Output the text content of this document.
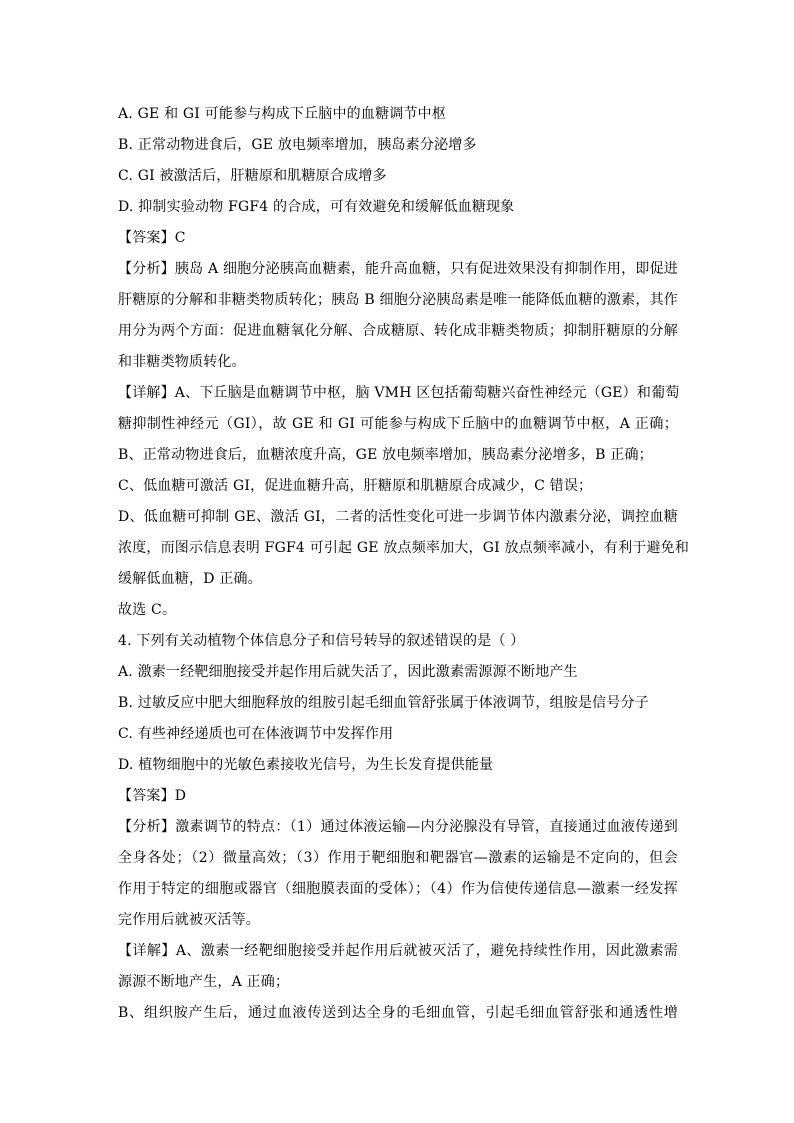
A. GE 和 GI 可能参与构成下丘脑中的血糖调节中枢
B. 正常动物进食后，GE 放电频率增加，胰岛素分泌增多
C. GI 被激活后，肝糖原和肌糖原合成增多
D. 抑制实验动物 FGF4 的合成，可有效避免和缓解低血糖现象
【答案】C
【分析】胰岛 A 细胞分泌胰高血糖素，能升高血糖，只有促进效果没有抑制作用，即促进
肝糖原的分解和非糖类物质转化；胰岛 B 细胞分泌胰岛素是唯一能降低血糖的激素，其作
用分为两个方面：促进血糖氧化分解、合成糖原、转化成非糖类物质；抑制肝糖原的分解
和非糖类物质转化。
【详解】A、下丘脑是血糖调节中枢，脑 VMH 区包括葡萄糖兴奋性神经元（GE）和葡萄
糖抑制性神经元（GI），故 GE 和 GI 可能参与构成下丘脑中的血糖调节中枢，A 正确；
B、正常动物进食后，血糖浓度升高，GE 放电频率增加，胰岛素分泌增多，B 正确；
C、低血糖可激活 GI，促进血糖升高，肝糖原和肌糖原合成减少，C 错误；
D、低血糖可抑制 GE、激活 GI，二者的活性变化可进一步调节体内激素分泌，调控血糖
浓度，而图示信息表明 FGF4 可引起 GE 放点频率加大，GI 放点频率减小，有利于避免和
缓解低血糖，D 正确。
故选 C。
4. 下列有关动植物个体信息分子和信号转导的叙述错误的是（ ）
A. 激素一经靶细胞接受并起作用后就失活了，因此激素需源源不断地产生
B. 过敏反应中肥大细胞释放的组胺引起毛细血管舒张属于体液调节，组胺是信号分子
C. 有些神经递质也可在体液调节中发挥作用
D. 植物细胞中的光敏色素接收光信号，为生长发育提供能量
【答案】D
【分析】激素调节的特点：（1）通过体液运输—内分泌腺没有导管，直接通过血液传递到
全身各处；（2）微量高效；（3）作用于靶细胞和靶器官—激素的运输是不定向的，但会
作用于特定的细胞或器官（细胞膜表面的受体）；（4）作为信使传递信息—激素一经发挥
完作用后就被灭活等。
【详解】A、激素一经靶细胞接受并起作用后就被灭活了，避免持续性作用，因此激素需
源源不断地产生，A 正确；
B、组织胺产生后，通过血液传送到达全身的毛细血管，引起毛细血管舒张和通透性增
